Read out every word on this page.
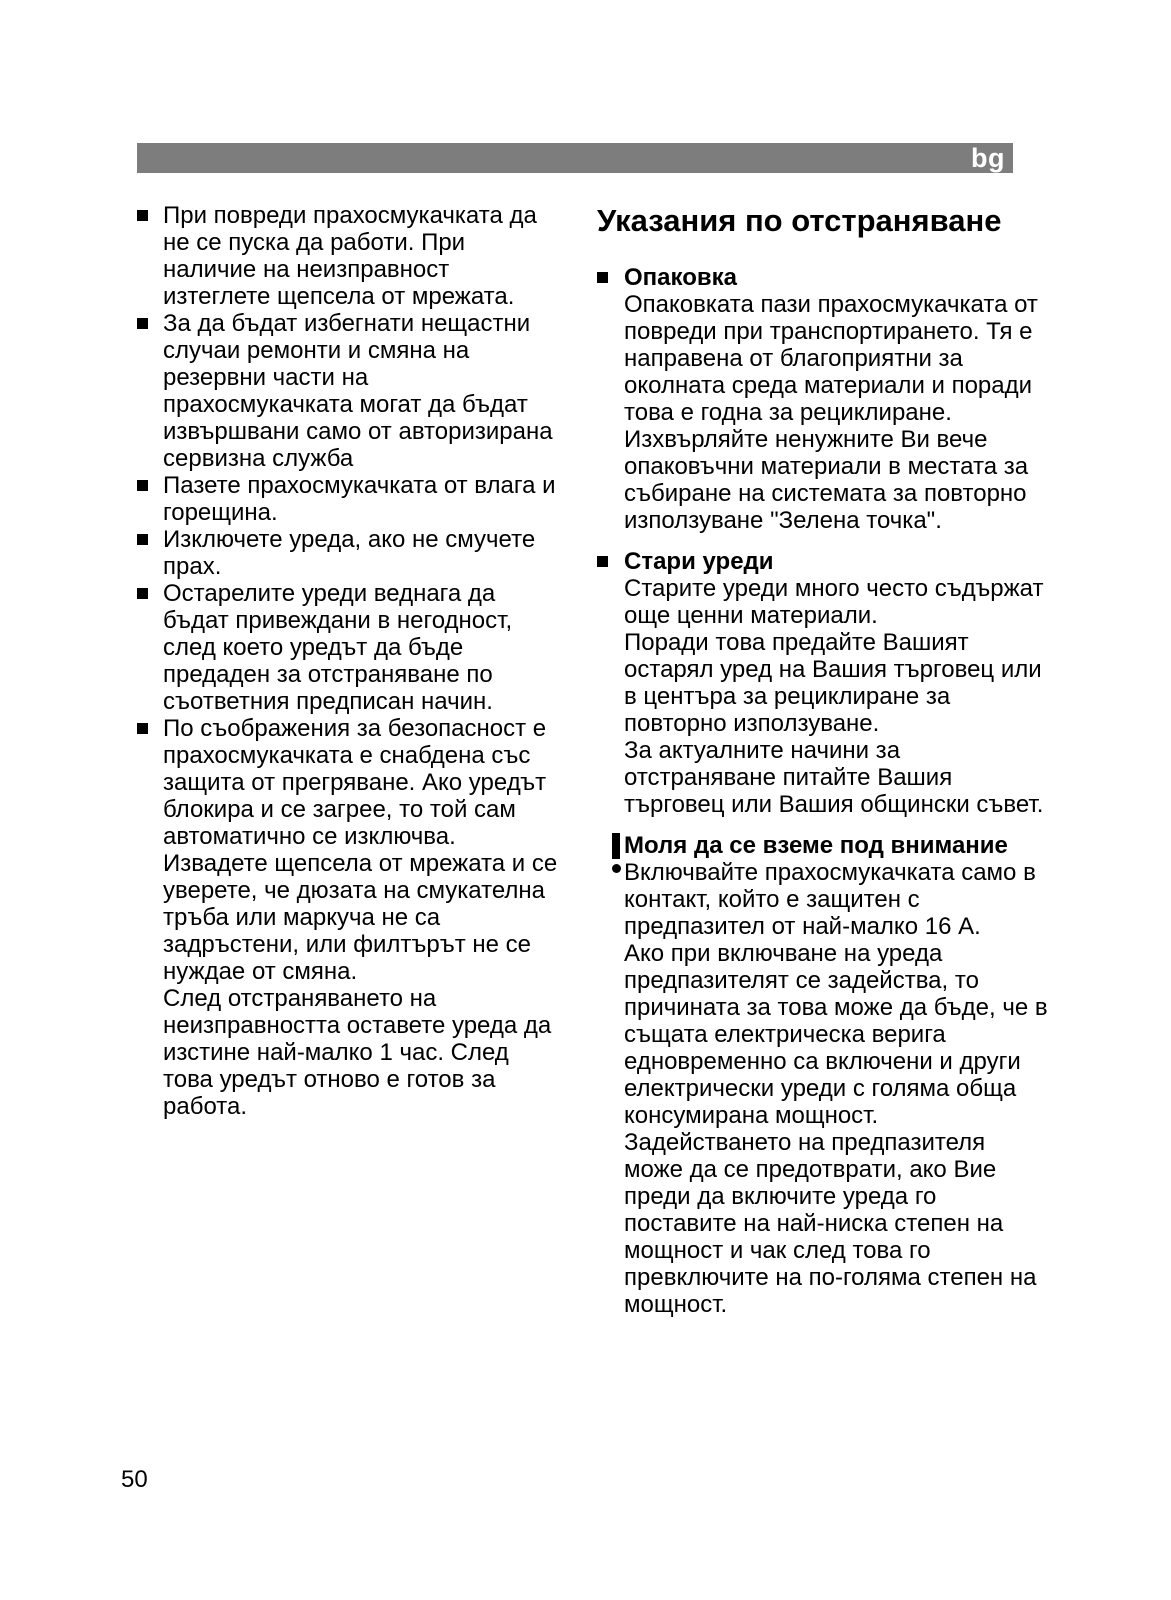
bg
При повреди прахосмукачката да не се пуска да работи. При наличие на неизправност изтеглете щепсела от мрежата.
За да бъдат избегнати нещастни случаи ремонти и смяна на резервни части на прахосмукачката могат да бъдат извършвани само от авторизирана сервизна служба
Пазете прахосмукачката от влага и горещина.
Изключете уреда, ако не смучете прах.
Остарелите уреди веднага да бъдат привеждани в негодност, след което уредът да бъде предаден за отстраняване по съответния предписан начин.
По съображения за безопасност е прахосмукачката е снабдена със защита от прегряване. Ако уредът блокира и се загрее, то той сам автоматично се изключва.
Извадете щепсела от мрежата и се уверете, че дюзата на смукателна тръба или маркуча не са задръстени, или филтърът не се нуждае от смяна.
След отстраняването на неизправността оставете уреда да изстине най-малко 1 час. След това уредът отново е готов за работа.
Указания по отстраняване
Опаковка
Опаковката пази прахосмукачката от повреди при транспортирането. Тя е направена от благоприятни за околната среда материали и поради това е годна за рециклиране.
Изхвърляйте ненужните Ви вече опаковъчни материали в местата за събиране на системата за повторно използуване "Зелена точка".
Стари уреди
Старите уреди много често съдържат още ценни материали.
Поради това предайте Вашият остарял уред на Вашия търговец или в центъра за рециклиране за повторно използуване.
За актуалните начини за отстраняване питайте Вашия търговец или Вашия общински съвет.
Моля да се вземе под внимание
Включвайте прахосмукачката само в контакт, който е защитен с предпазител от най-малко 16 А.
Ако при включване на уреда предпазителят се задейства, то причината за това може да бъде, че в същата електрическа верига едновременно са включени и други електрически уреди с голяма обща консумирана мощност.
Задействането на предпазителя може да се предотврати, ако Вие преди да включите уреда го поставите на най-ниска степен на мощност и чак след това го превключите на по-голяма степен на мощност.
50
